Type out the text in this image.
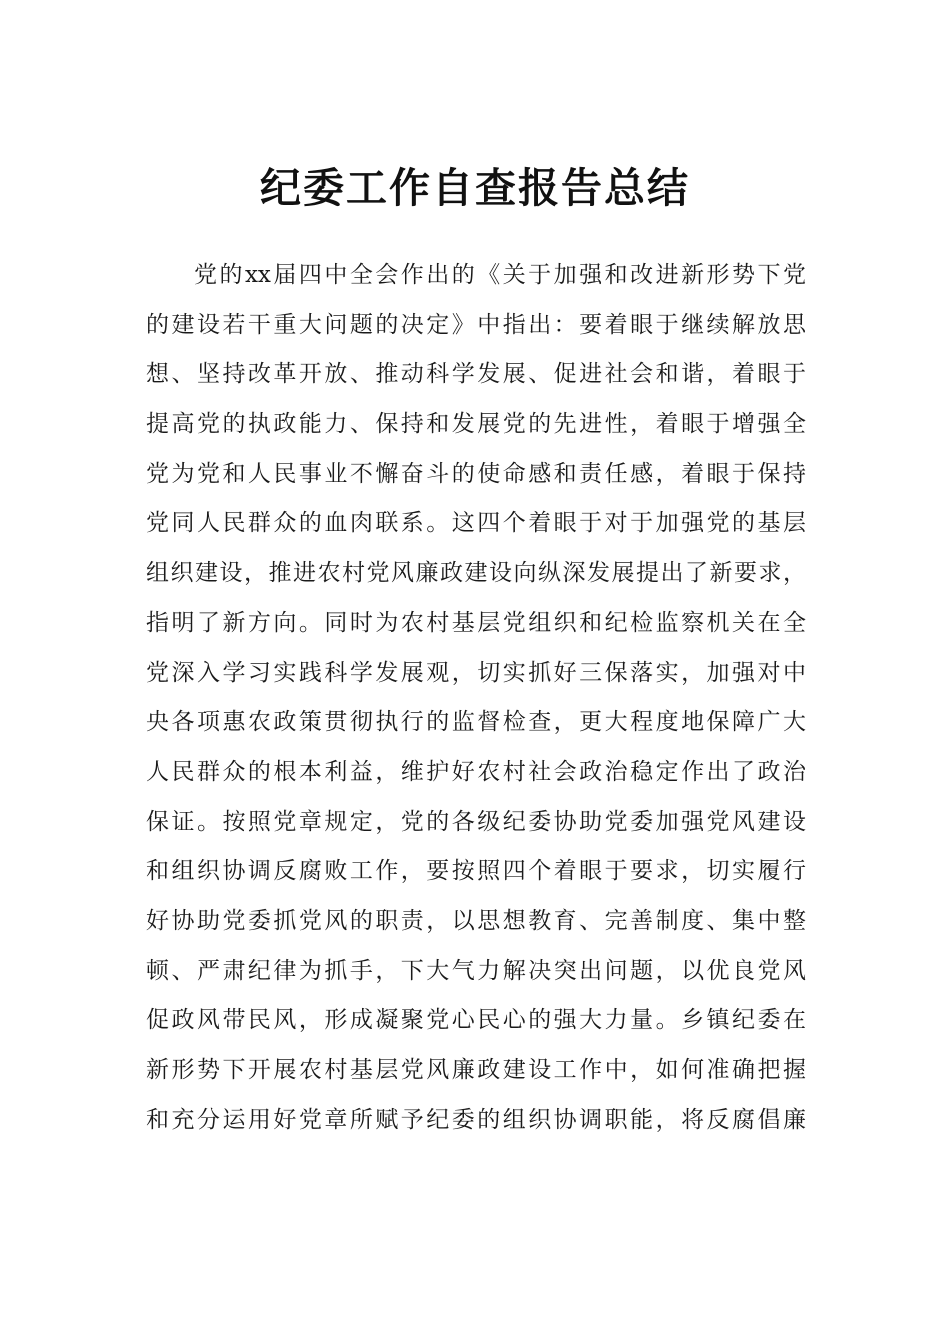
纪委工作自查报告总结
党的xx届四中全会作出的《关于加强和改进新形势下党
的建设若干重大问题的决定》中指出：要着眼于继续解放思
想、坚持改革开放、推动科学发展、促进社会和谐，着眼于
提高党的执政能力、保持和发展党的先进性，着眼于增强全
党为党和人民事业不懈奋斗的使命感和责任感，着眼于保持
党同人民群众的血肉联系。这四个着眼于对于加强党的基层
组织建设，推进农村党风廉政建设向纵深发展提出了新要求，
指明了新方向。同时为农村基层党组织和纪检监察机关在全
党深入学习实践科学发展观，切实抓好三保落实，加强对中
央各项惠农政策贯彻执行的监督检查，更大程度地保障广大
人民群众的根本利益，维护好农村社会政治稳定作出了政治
保证。按照党章规定，党的各级纪委协助党委加强党风建设
和组织协调反腐败工作，要按照四个着眼于要求，切实履行
好协助党委抓党风的职责，以思想教育、完善制度、集中整
顿、严肃纪律为抓手，下大气力解决突出问题，以优良党风
促政风带民风，形成凝聚党心民心的强大力量。乡镇纪委在
新形势下开展农村基层党风廉政建设工作中，如何准确把握
和充分运用好党章所赋予纪委的组织协调职能，将反腐倡廉
